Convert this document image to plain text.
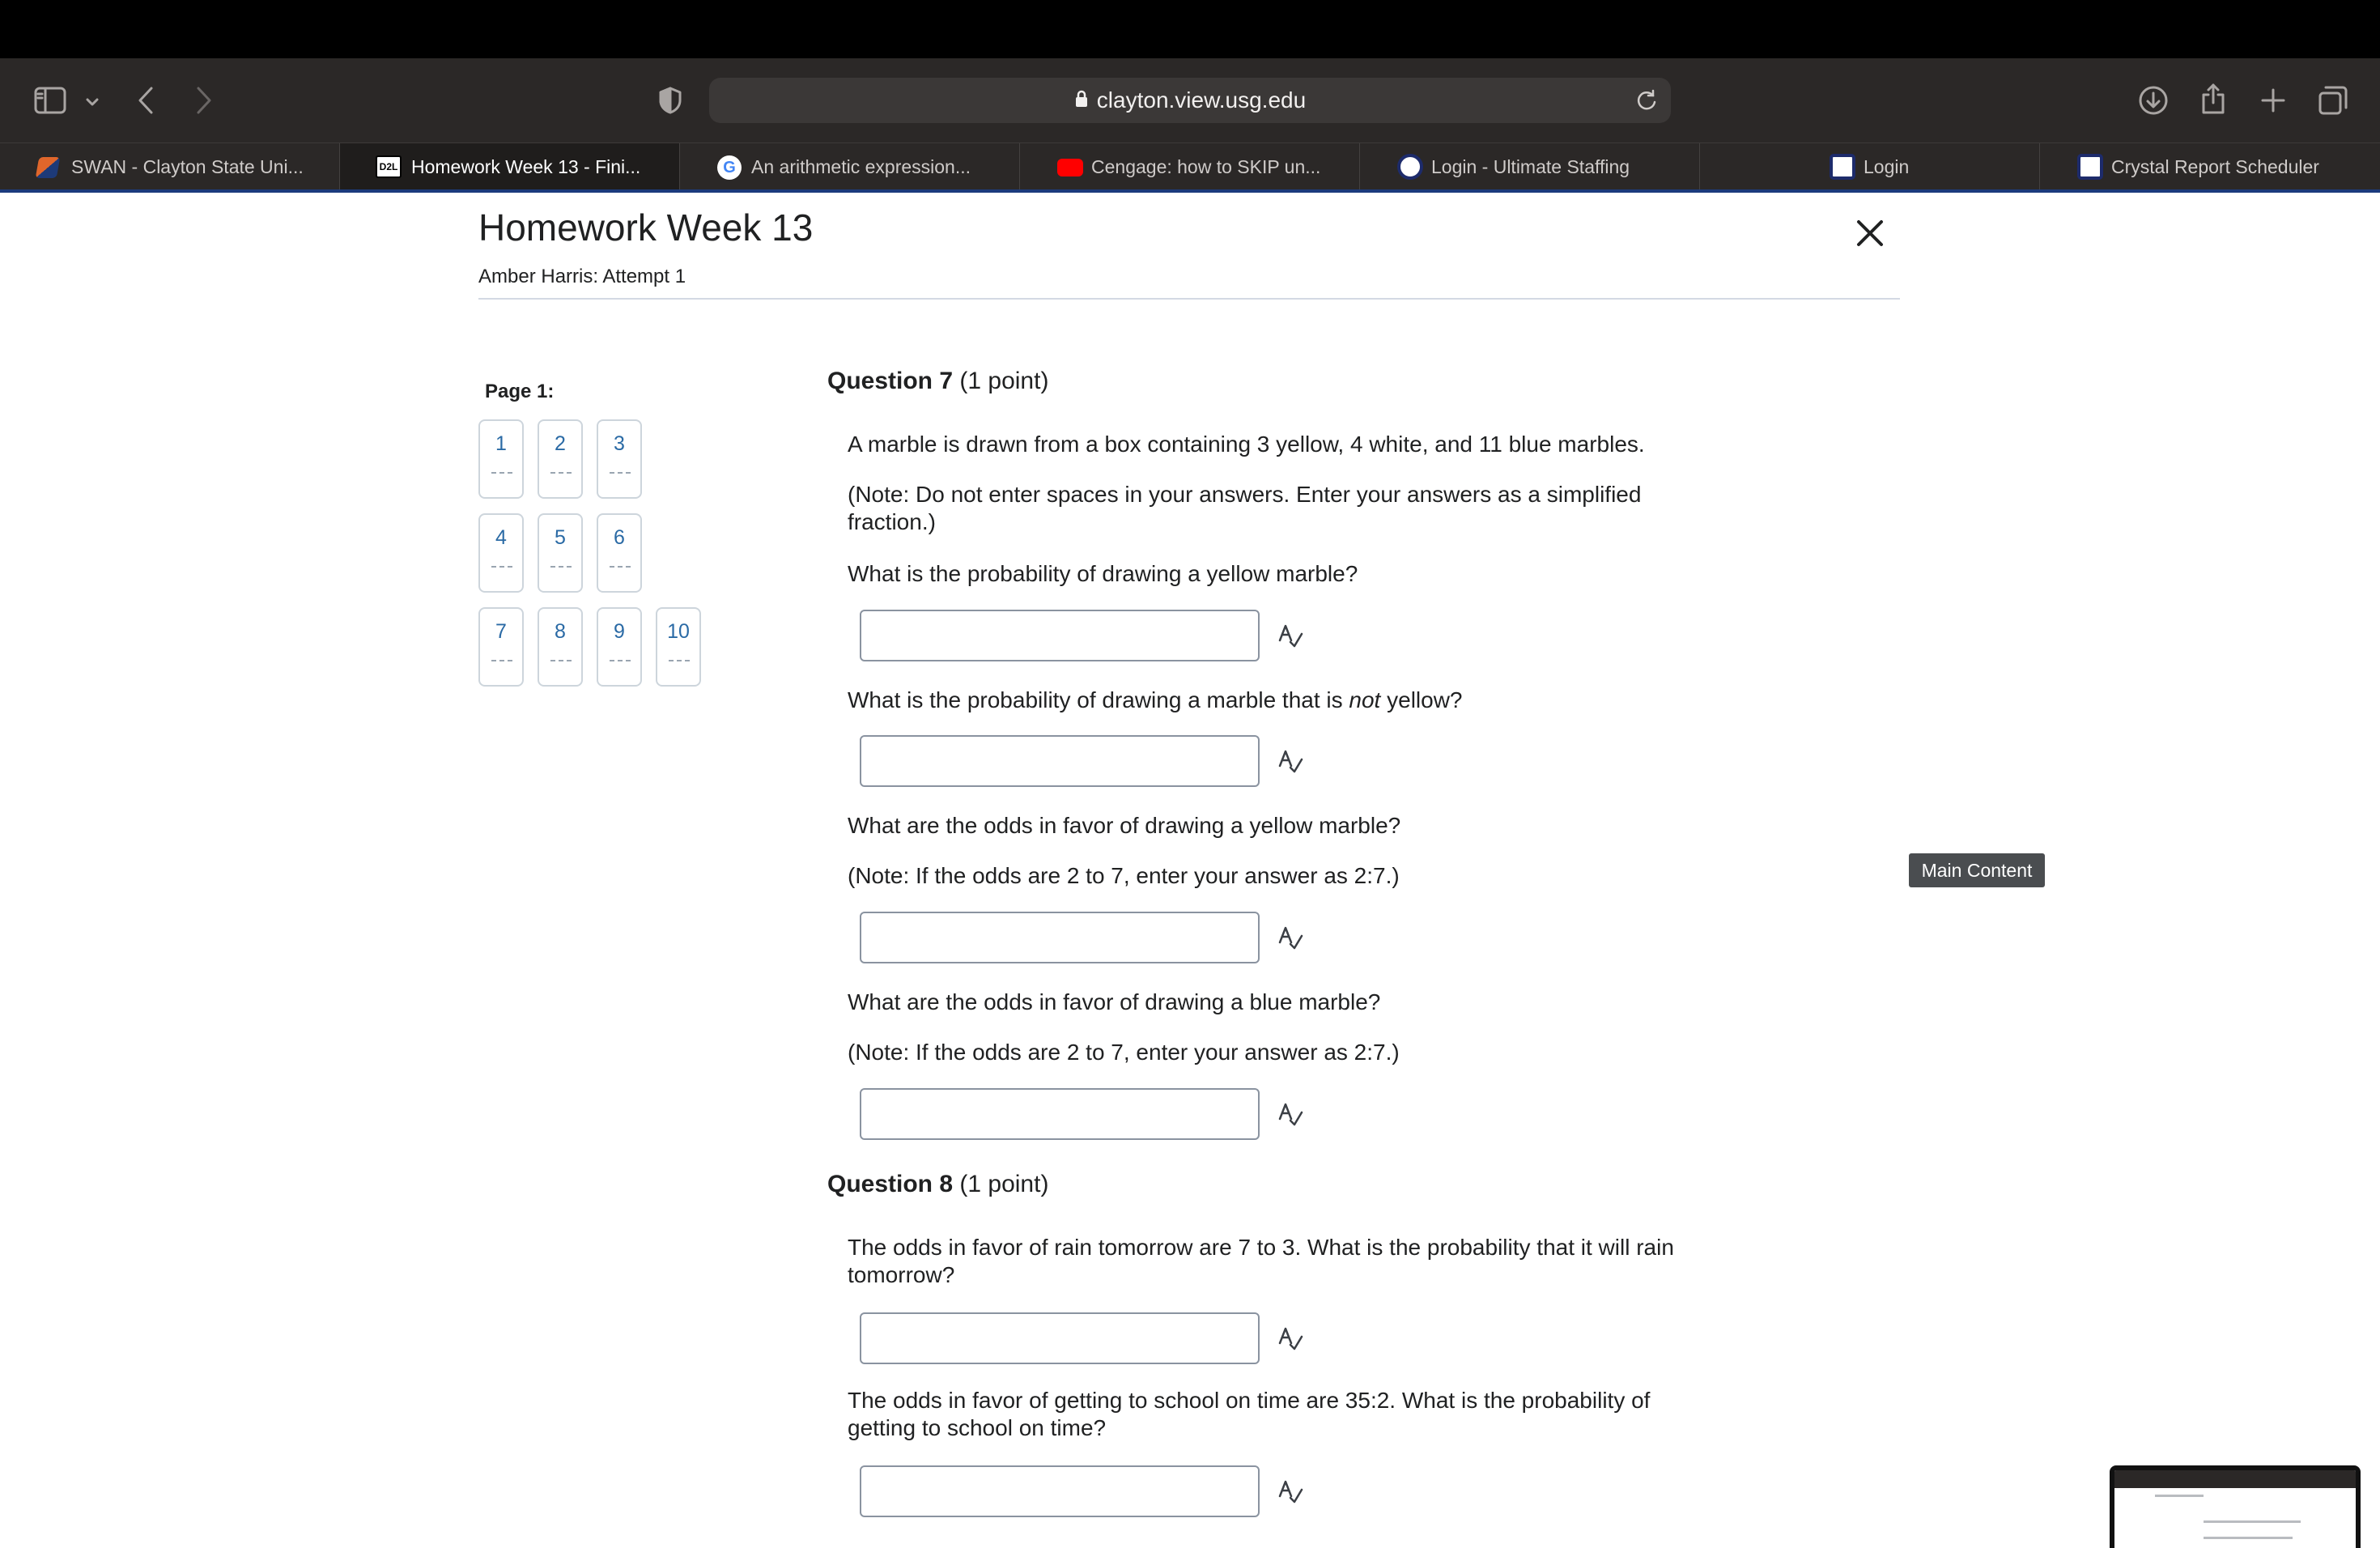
clayton.view.usg.edu
SWAN - Clayton State Uni...	D2L Homework Week 13 - Fini...	G An arithmetic expression...	Cengage: how to SKIP un...	Login - Ultimate Staffing	Login	Crystal Report Scheduler
Homework Week 13
Amber Harris: Attempt 1
Page 1:
1	2	3
4	5	6
7	8	9	10
Question 7 (1 point)
A marble is drawn from a box containing 3 yellow, 4 white, and 11 blue marbles.
(Note: Do not enter spaces in your answers. Enter your answers as a simplified fraction.)
What is the probability of drawing a yellow marble?
What is the probability of drawing a marble that is not yellow?
What are the odds in favor of drawing a yellow marble?
(Note: If the odds are 2 to 7, enter your answer as 2:7.)
What are the odds in favor of drawing a blue marble?
(Note: If the odds are 2 to 7, enter your answer as 2:7.)
Question 8 (1 point)
The odds in favor of rain tomorrow are 7 to 3. What is the probability that it will rain tomorrow?
The odds in favor of getting to school on time are 35:2. What is the probability of getting to school on time?
Main Content
